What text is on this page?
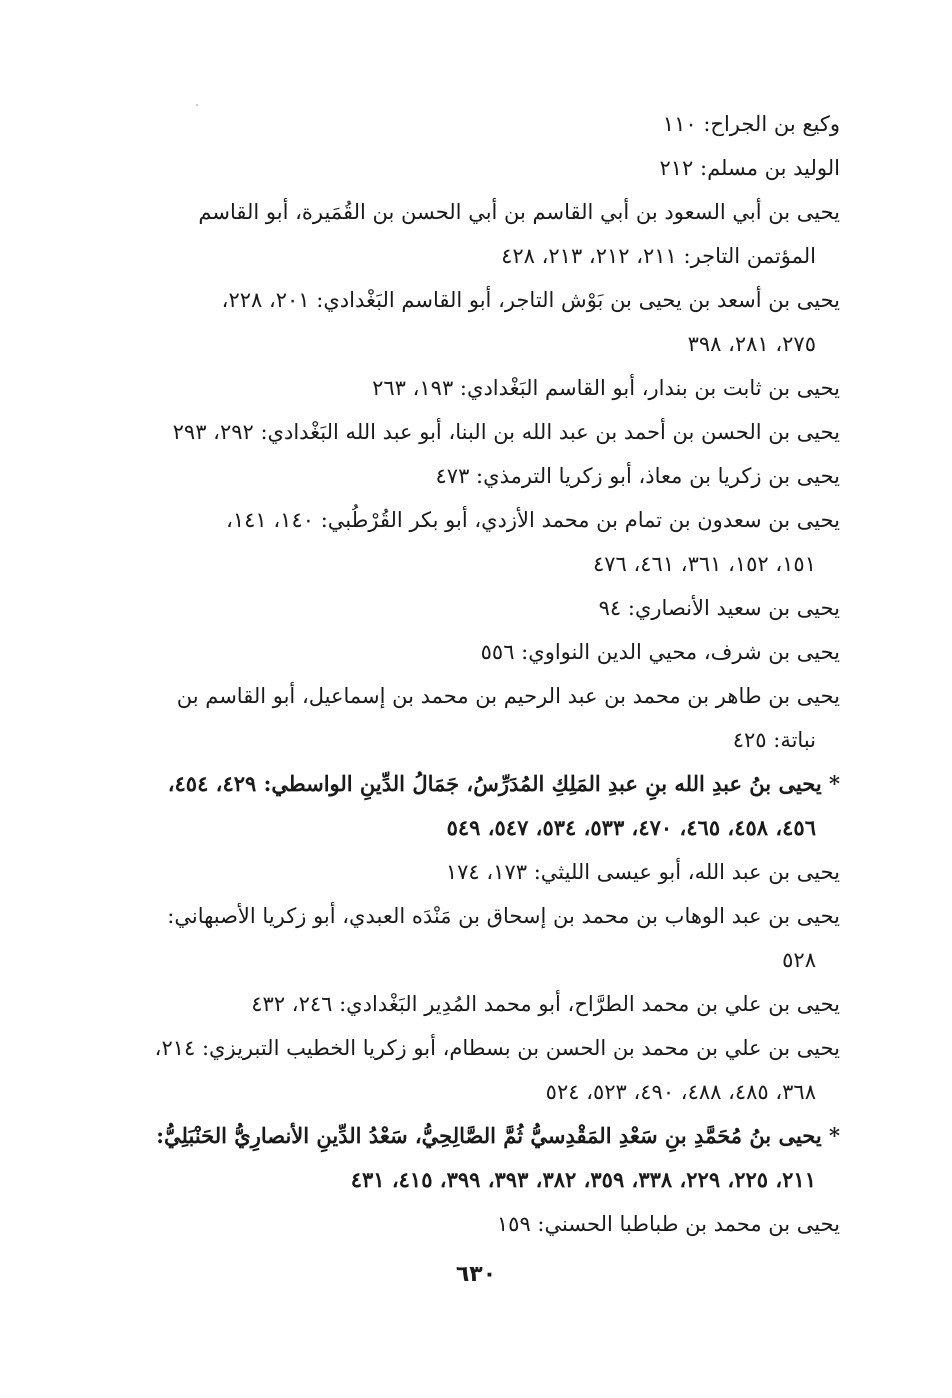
وكيع بن الجراح: ١١٠

الوليد بن مسلم: ٢١٢

يحيى بن أبي السعود بن أبي القاسم بن أبي الحسن بن القُمَيرة، أبو القاسم
المؤتمن التاجر: ٢١١، ٢١٢، ٢١٣، ٤٢٨

يحيى بن أسعد بن يحيى بن بَوْش التاجر، أبو القاسم البَغْدادي: ٢٠١، ٢٢٨،
٢٧٥، ٢٨١، ٣٩٨

يحيى بن ثابت بن بندار، أبو القاسم البَغْدادي: ١٩٣، ٢٦٣

يحيى بن الحسن بن أحمد بن عبد الله بن البنا، أبو عبد الله البَغْدادي: ٢٩٢، ٢٩٣

يحيى بن زكريا بن معاذ، أبو زكريا الترمذي: ٤٧٣

يحيى بن سعدون بن تمام بن محمد الأزدي، أبو بكر القُرْطُبي: ١٤٠، ١٤١،
١٥١، ١٥٢، ٣٦١، ٤٦١، ٤٧٦

يحيى بن سعيد الأنصاري: ٩٤

يحيى بن شرف، محيي الدين النواوي: ٥٥٦

يحيى بن طاهر بن محمد بن عبد الرحيم بن محمد بن إسماعيل، أبو القاسم بن
نباتة: ٤٢٥

* يحيى بنُ عبدِ الله بنِ عبدِ المَلِكِ المُدَرِّسُ، جَمَالُ الدِّينِ الواسطي: ٤٢٩، ٤٥٤،
٤٥٦، ٤٥٨، ٤٦٥، ٤٧٠، ٥٣٣، ٥٣٤، ٥٤٧، ٥٤٩

يحيى بن عبد الله، أبو عيسى الليثي: ١٧٣، ١٧٤

يحيى بن عبد الوهاب بن محمد بن إسحاق بن مَنْدَه العبدي، أبو زكريا الأصبهاني:
٥٢٨

يحيى بن علي بن محمد الطرَّاح، أبو محمد المُدِير البَغْدادي: ٢٤٦، ٤٣٢

يحيى بن علي بن محمد بن الحسن بن بسطام، أبو زكريا الخطيب التبريزي: ٢١٤،
٣٦٨، ٤٨٥، ٤٨٨، ٤٩٠، ٥٢٣، ٥٢٤

* يحيى بنُ مُحَمَّدِ بنِ سَعْدِ المَقْدِسيُّ ثُمَّ الصَّالِحِيُّ، سَعْدُ الدِّينِ الأنصارِيُّ الحَنْبَلِيُّ:
٢١١، ٢٢٥، ٢٢٩، ٣٣٨، ٣٥٩، ٣٨٢، ٣٩٣، ٣٩٩، ٤١٥، ٤٣١

يحيى بن محمد بن طباطبا الحسني: ١٥٩

٦٣٠
